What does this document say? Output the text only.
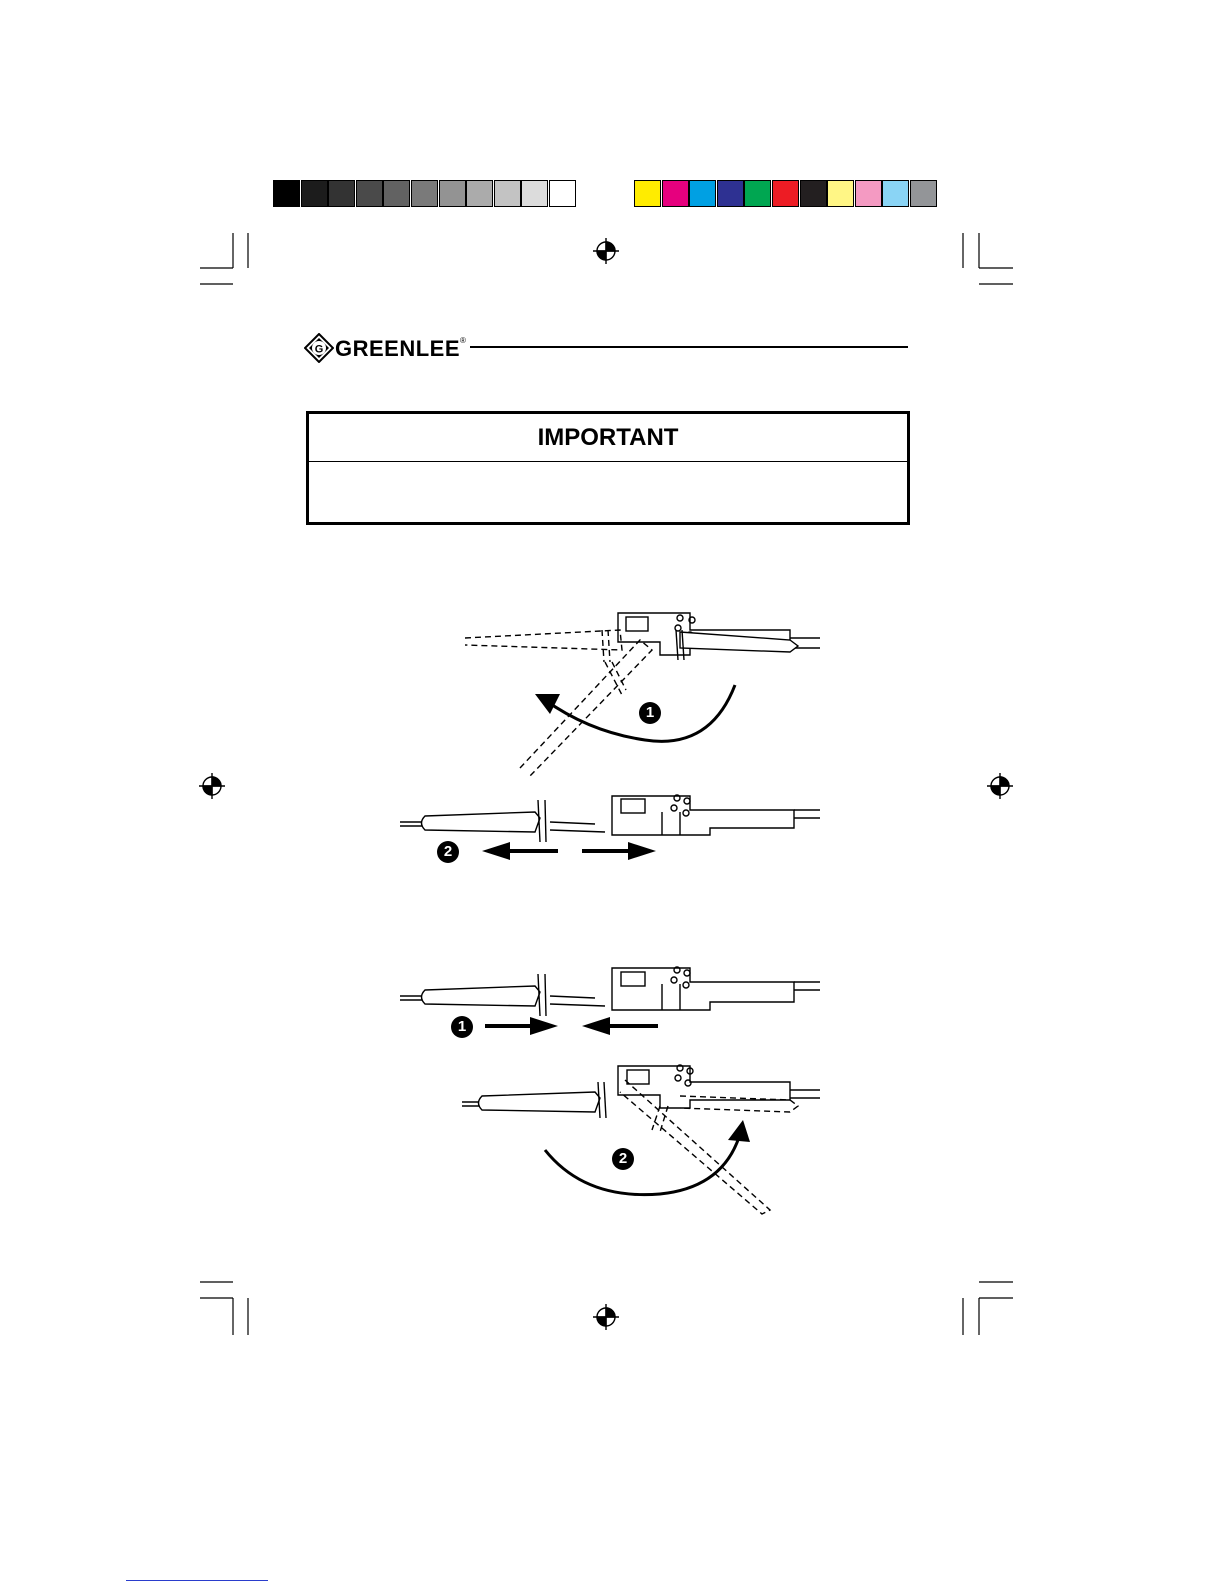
G GREENLEE®
IMPORTANT
1
2
1
2
